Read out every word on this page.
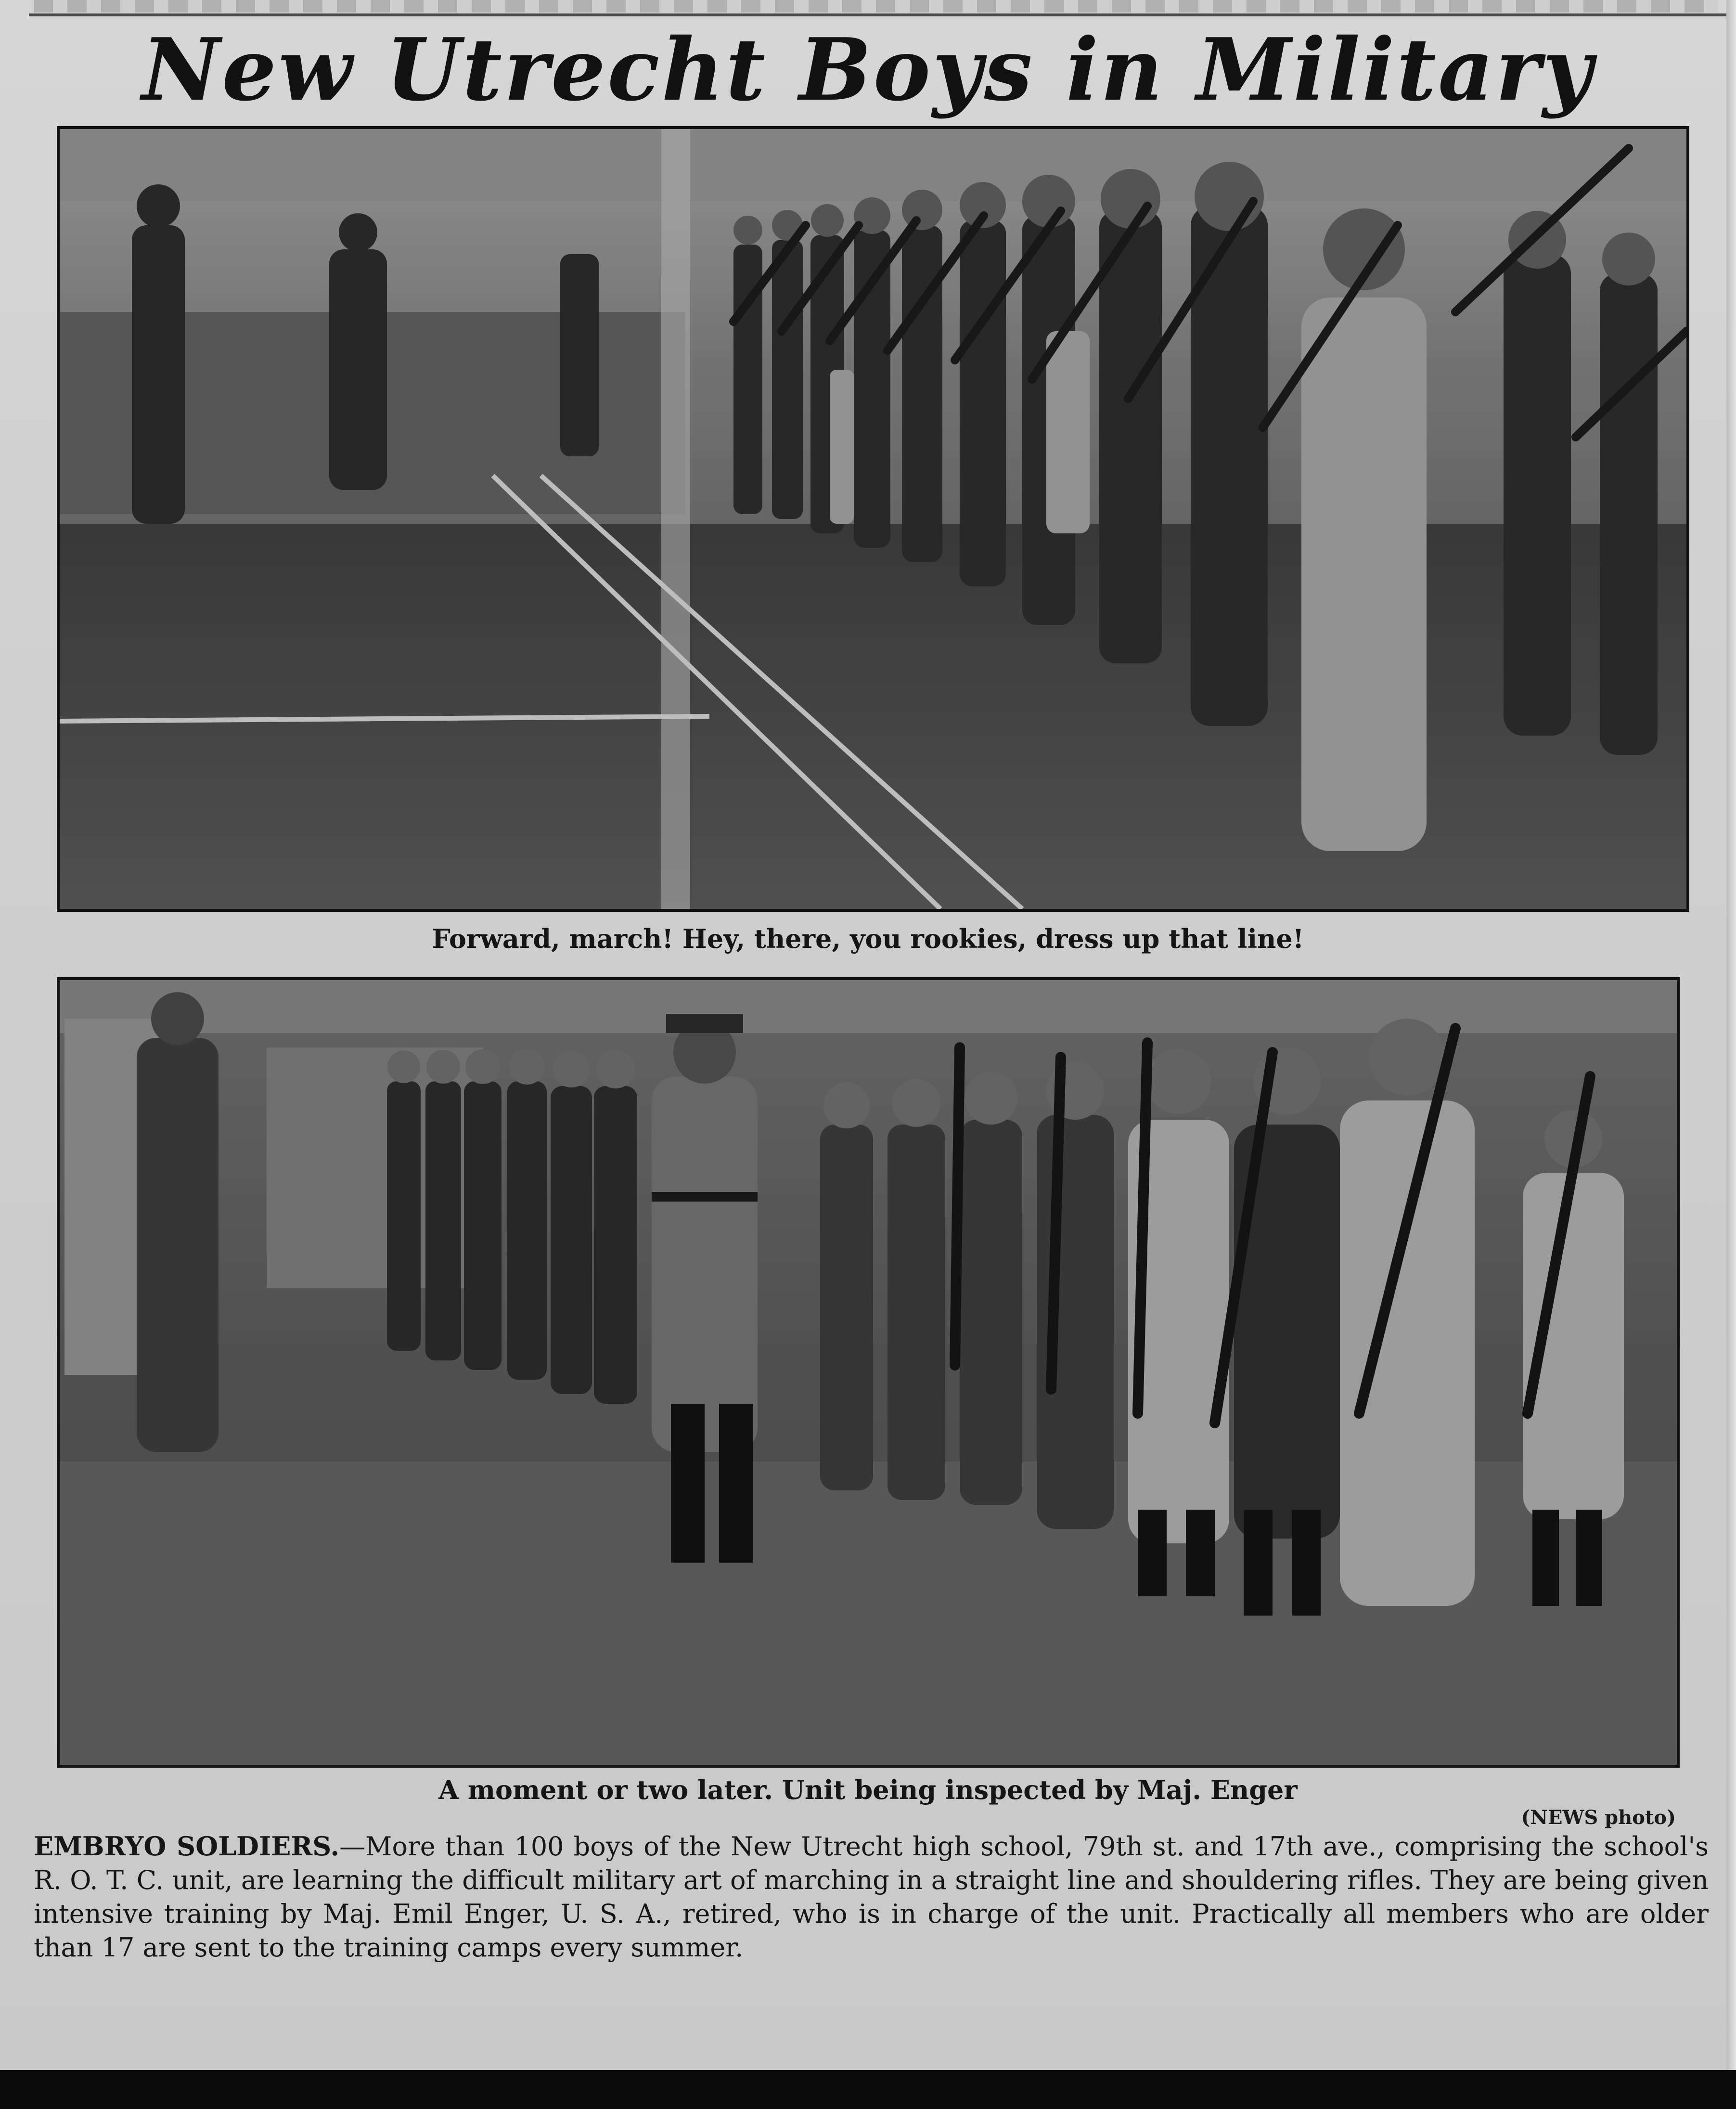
New Utrecht Boys in Military
Forward, march! Hey, there, you rookies, dress up that line!
A moment or two later. Unit being inspected by Maj. Enger
(NEWS photo)
EMBRYO SOLDIERS.—More than 100 boys of the New Utrecht high school, 79th st. and 17th ave., comprising the school's R. O. T. C. unit, are learning the difficult military art of marching in a straight line and shouldering rifles. They are being given intensive training by Maj. Emil Enger, U. S. A., retired, who is in charge of the unit. Practically all members who are older than 17 are sent to the training camps every summer.
